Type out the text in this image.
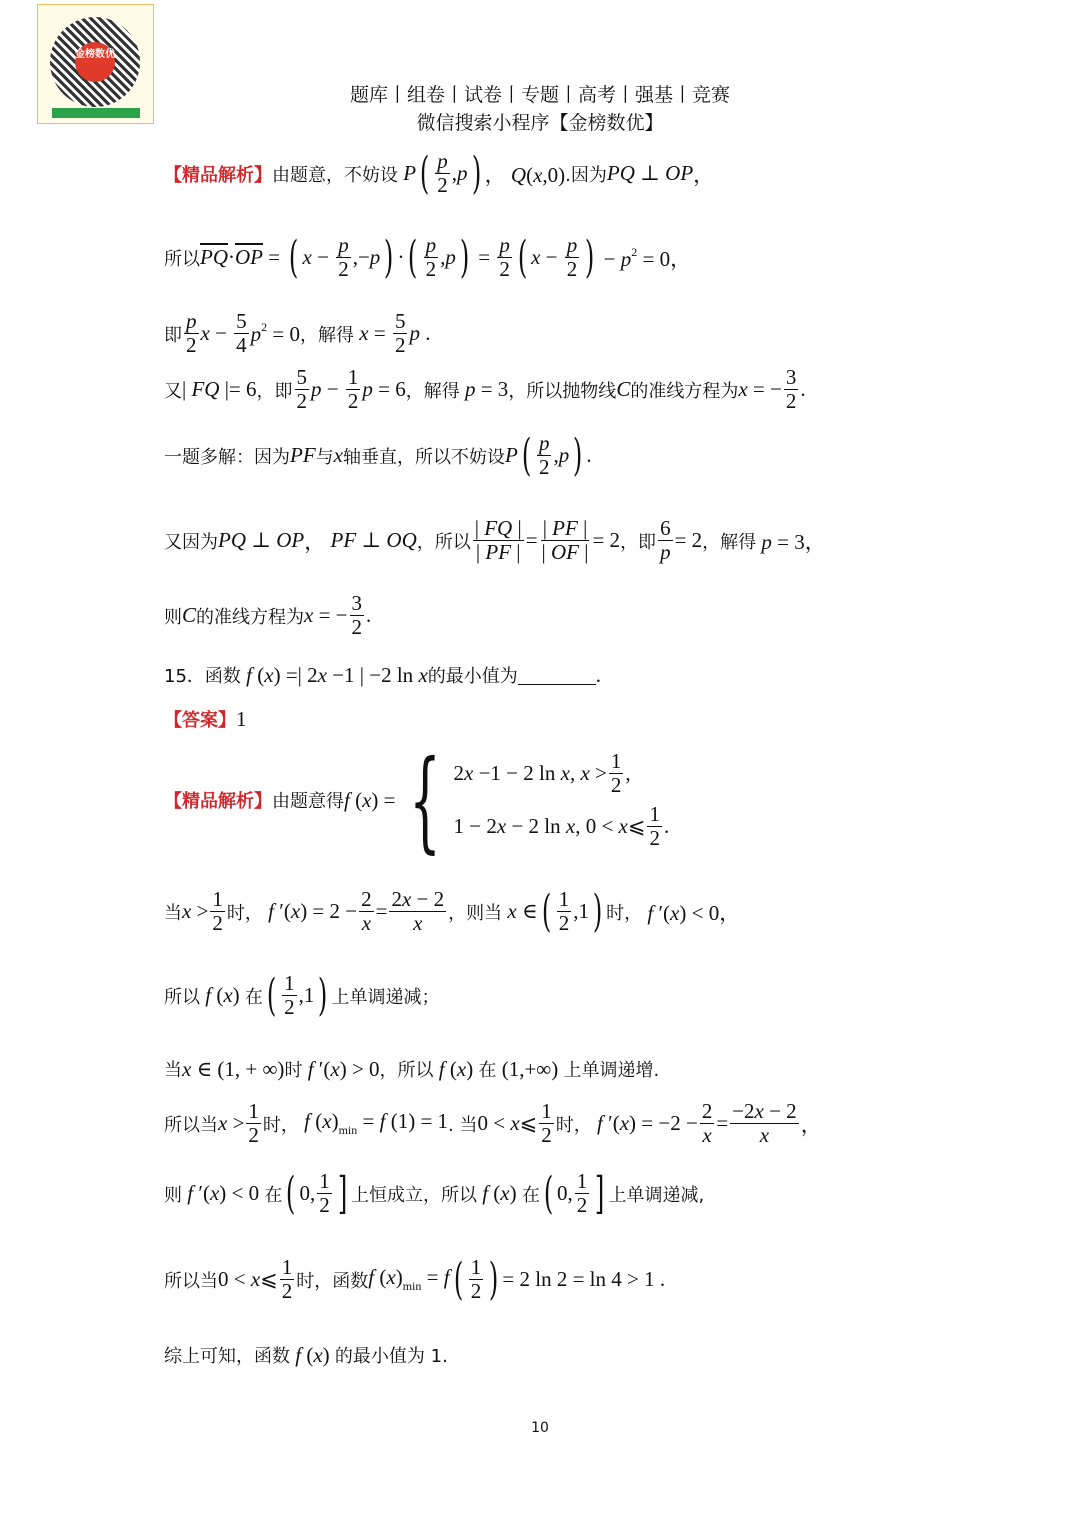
金榜数优
题库丨组卷丨试卷丨专题丨高考丨强基丨竞赛
微信搜索小程序【金榜数优】
【精品解析】 由题意，不妨设 P ( $\frac{p}{2} ,p$ ) ， Q(x,0) .因为 PQ ⊥ OP ，
所以 $\overline{PQ} \cdot \overline{OP}$ = ( $x - \frac{p}{2} ,-p$ ) · ( $\frac{p}{2} ,p$ ) = $\frac{p}{2}$ ( $x - \frac{p}{2}$ ) − $p^2 = 0$，
即 $\frac{p}{2}$ $x - \frac{5}{4} p^2 = 0$ ，解得 $x = \frac{5}{2}$ p .
又 | FQ |= 6 ，即 $\frac{5}{2}$ $p - \frac{1}{2}$ p = 6 ，解得 p = 3 ，所以抛物线 C 的准线方程为 x = − $\frac{3}{2}$ .
一题多解：因为 PF 与 x 轴垂直，所以不妨设 P ( $\frac{p}{2} ,p$ ) .
又因为 PQ ⊥ OP ， PF ⊥ OQ ，所以 $\frac{| FQ |}{| PF |} = \frac{| PF |}{| OF |} = 2$ ，即 $\frac{6}{p} = 2$ ，解得 p = 3，
则 C 的准线方程为 x = − $\frac{3}{2}$ .
15．函数 f (x) =| 2x −1 | −2 ln x 的最小值为	.
【答案】 1
【精品解析】 由题意得 f (x) = { 2x −1 − 2 ln x, $x > \frac{1}{2}$ ,
1 − 2x − 2 ln x, 0 < x⩽ $\frac{1}{2}$ .
当 $x > \frac{1}{2}$ 时， f $'(x) = 2 - \frac{2}{x} = \frac{2x - 2}{x}$ ，则当 x ∈ ( $\frac{1}{2} ,1$ ) 时， f ′(x) < 0，
所以 f (x) 在 ( $\frac{1}{2} ,1$ ) 上单调递减；
当 x ∈ (1, + ∞) 时 f ′(x) > 0 ，所以 f (x) 在 (1,+∞) 上单调递增.
所以当 $x > \frac{1}{2}$ 时， f $(x)_{min} = f$ (1) = 1 . 当 0 < x⩽ $\frac{1}{2}$ 时， f $'(x) = -2 - \frac{2}{x} = \frac{-2x - 2}{x}$ ，
则 f ′(x) < 0 在 ( 0, $\frac{1}{2}$ ] 上恒成立，所以 f (x) 在 ( 0, $\frac{1}{2}$ ] 上单调递减,
所以当 0 < x⩽ $\frac{1}{2}$ 时，函数 f $(x)_{min} = f$ ( $\frac{1}{2}$ ) = 2 ln 2 = ln 4 > 1 .
综上可知，函数 f (x) 的最小值为 1.
10
